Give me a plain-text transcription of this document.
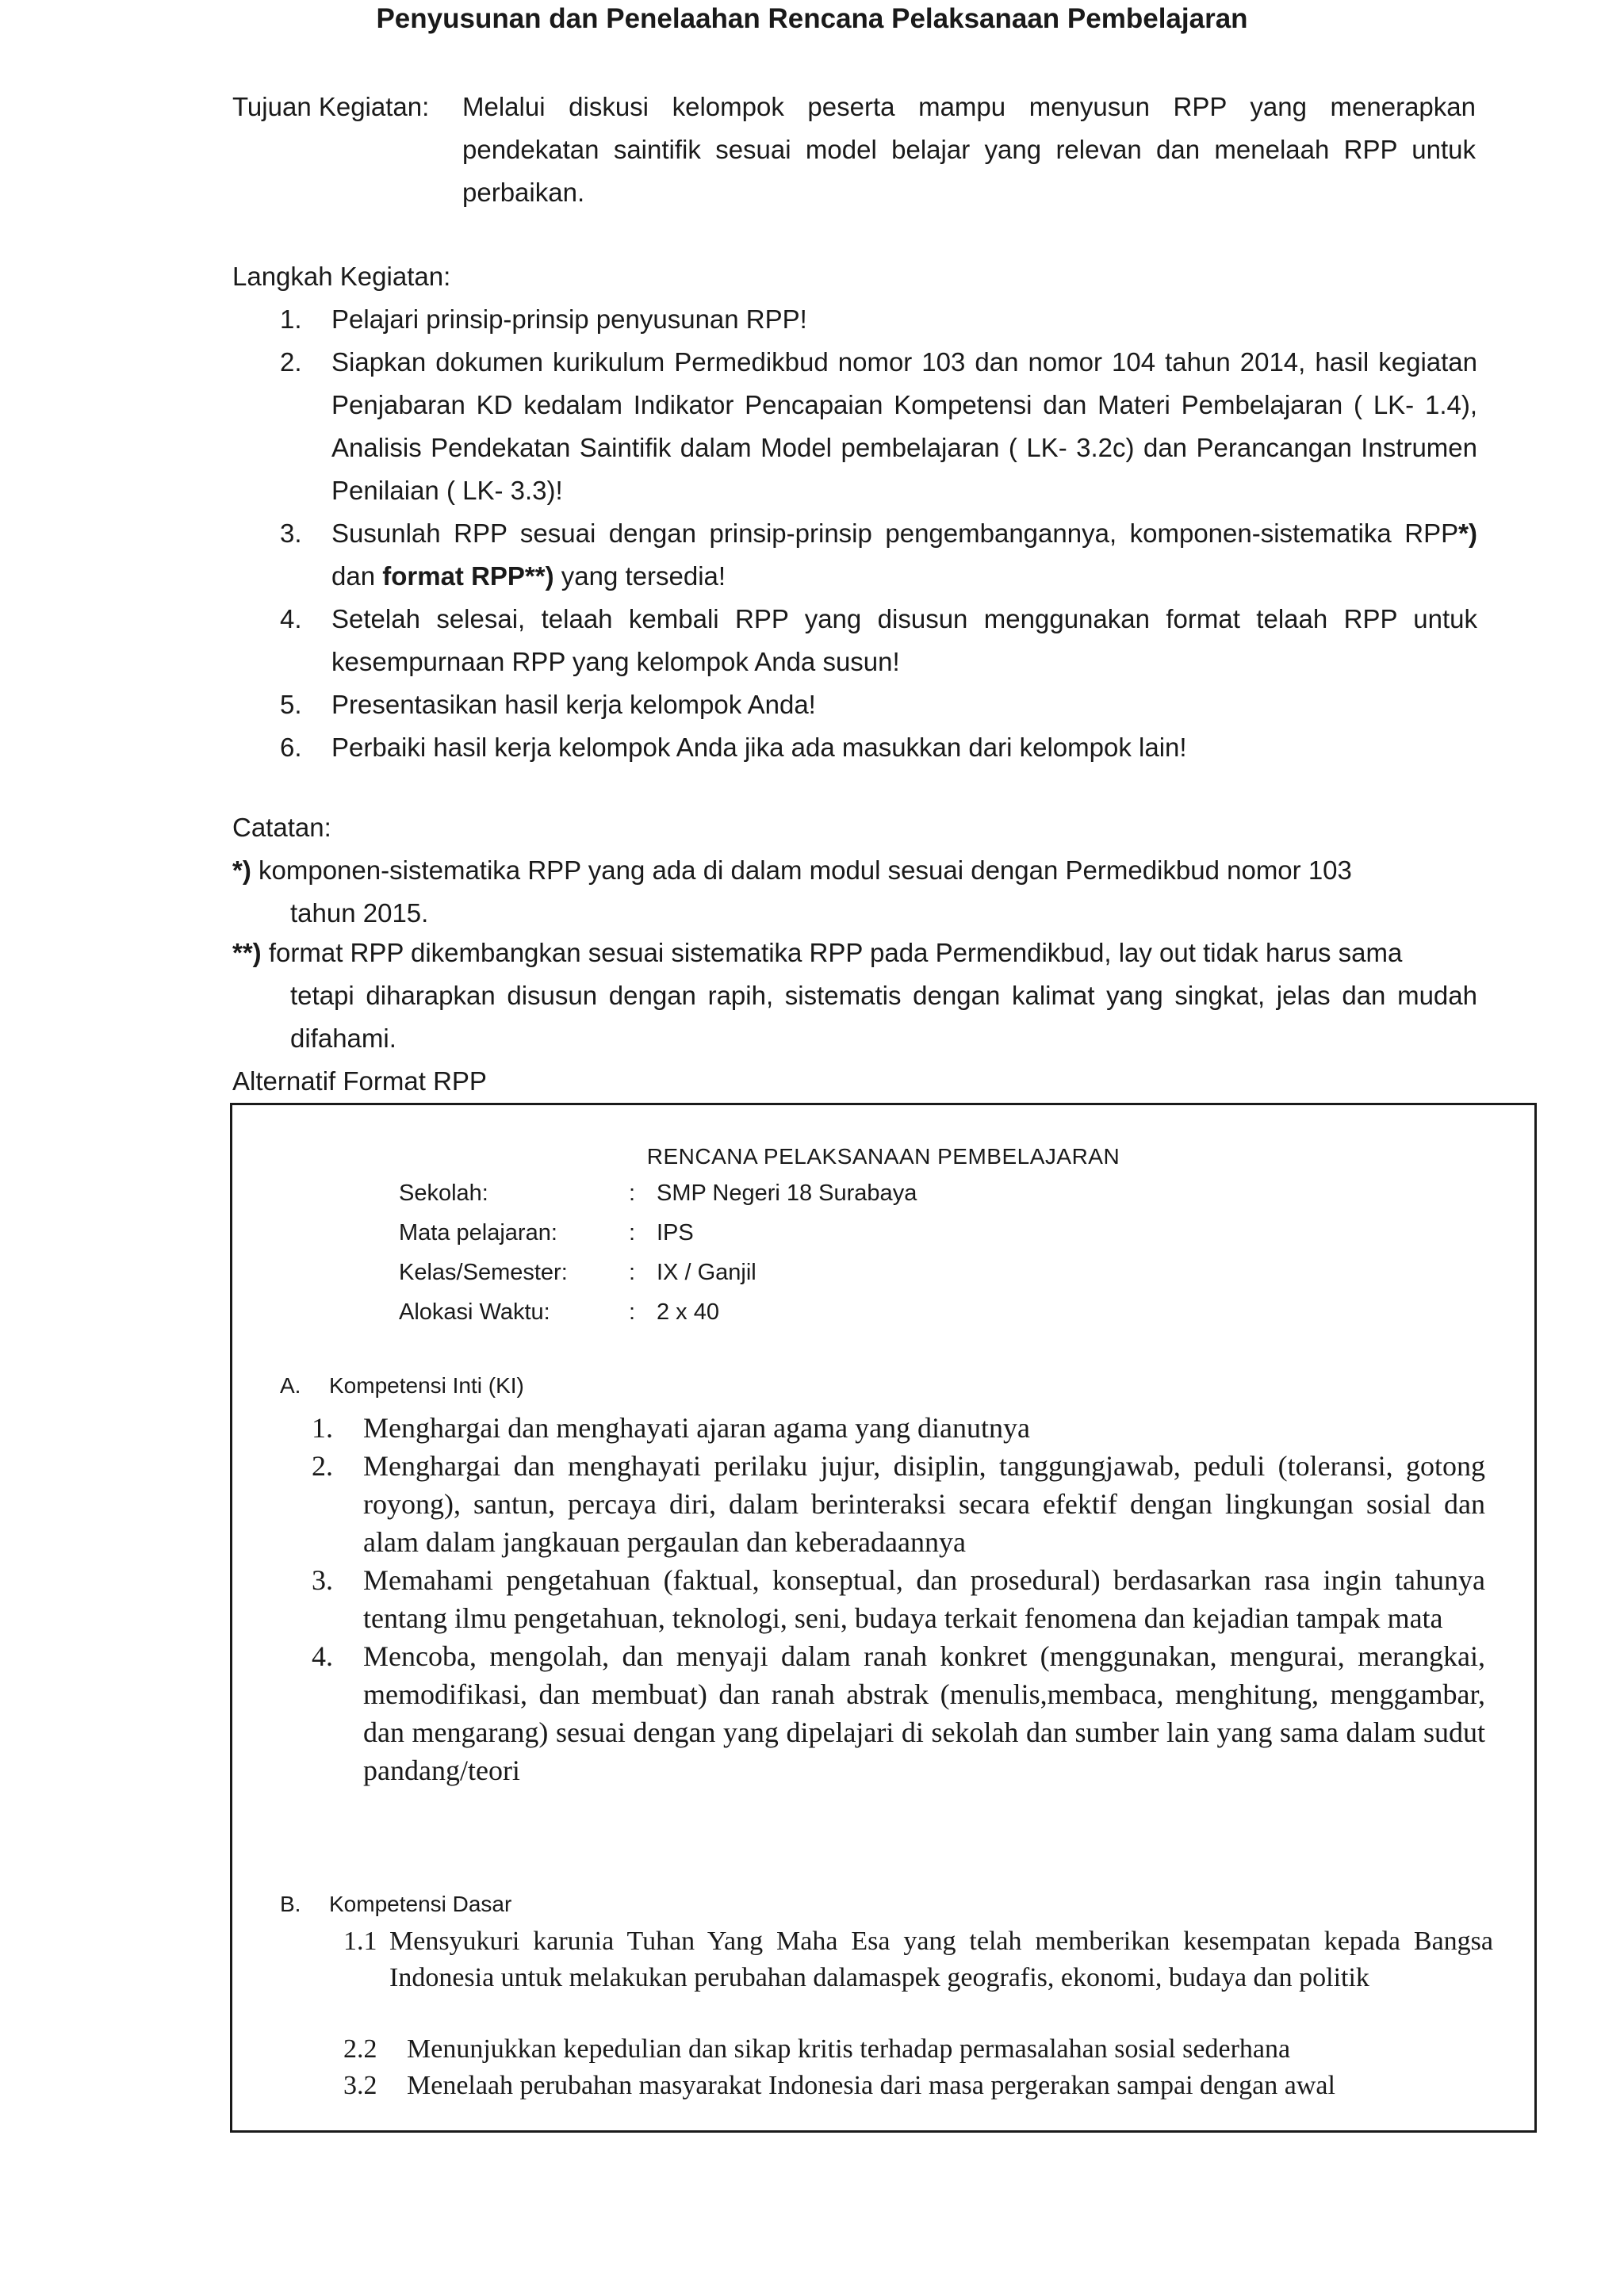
Penyusunan dan Penelaahan Rencana Pelaksanaan Pembelajaran
Tujuan Kegiatan: Melalui diskusi kelompok peserta mampu menyusun RPP yang menerapkan pendekatan saintifik sesuai model belajar yang relevan dan menelaah RPP untuk perbaikan.
Langkah Kegiatan:
1. Pelajari prinsip-prinsip penyusunan RPP!
2. Siapkan dokumen kurikulum Permedikbud nomor 103 dan nomor 104 tahun 2014, hasil kegiatan Penjabaran KD kedalam Indikator Pencapaian Kompetensi dan Materi Pembelajaran ( LK- 1.4), Analisis Pendekatan Saintifik dalam Model pembelajaran ( LK- 3.2c) dan Perancangan Instrumen Penilaian ( LK- 3.3)!
3. Susunlah RPP sesuai dengan prinsip-prinsip pengembangannya, komponen-sistematika RPP*) dan format RPP**) yang tersedia!
4. Setelah selesai, telaah kembali RPP yang disusun menggunakan format telaah RPP untuk kesempurnaan RPP yang kelompok Anda susun!
5. Presentasikan hasil kerja kelompok Anda!
6. Perbaiki hasil kerja kelompok Anda jika ada masukkan dari kelompok lain!
Catatan:
*) komponen-sistematika RPP yang ada di dalam modul sesuai dengan Permedikbud nomor 103
tahun 2015.
**) format RPP dikembangkan sesuai sistematika RPP pada Permendikbud, lay out tidak harus sama
tetapi diharapkan disusun dengan rapih, sistematis dengan kalimat yang singkat, jelas dan mudah difahami.
Alternatif Format RPP
RENCANA PELAKSANAAN PEMBELAJARAN
Sekolah:	: SMP Negeri 18 Surabaya
Mata pelajaran:	: IPS
Kelas/Semester:	: IX / Ganjil
Alokasi Waktu:	: 2 x 40
A. Kompetensi Inti (KI)
1. Menghargai dan menghayati ajaran agama yang dianutnya
2. Menghargai dan menghayati perilaku jujur, disiplin, tanggungjawab, peduli (toleransi, gotong royong), santun, percaya diri, dalam berinteraksi secara efektif dengan lingkungan sosial dan alam dalam jangkauan pergaulan dan keberadaannya
3. Memahami pengetahuan (faktual, konseptual, dan prosedural) berdasarkan rasa ingin tahunya tentang ilmu pengetahuan, teknologi, seni, budaya terkait fenomena dan kejadian tampak mata
4. Mencoba, mengolah, dan menyaji dalam ranah konkret (menggunakan, mengurai, merangkai, memodifikasi, dan membuat) dan ranah abstrak (menulis,membaca, menghitung, menggambar, dan mengarang) sesuai dengan yang dipelajari di sekolah dan sumber lain yang sama dalam sudut pandang/teori
B. Kompetensi Dasar
1.1 Mensyukuri karunia Tuhan Yang Maha Esa yang telah memberikan kesempatan kepada Bangsa Indonesia untuk melakukan perubahan dalamaspek geografis, ekonomi, budaya dan politik
2.2 Menunjukkan kepedulian dan sikap kritis terhadap permasalahan sosial sederhana
3.2 Menelaah perubahan masyarakat Indonesia dari masa pergerakan sampai dengan awal
